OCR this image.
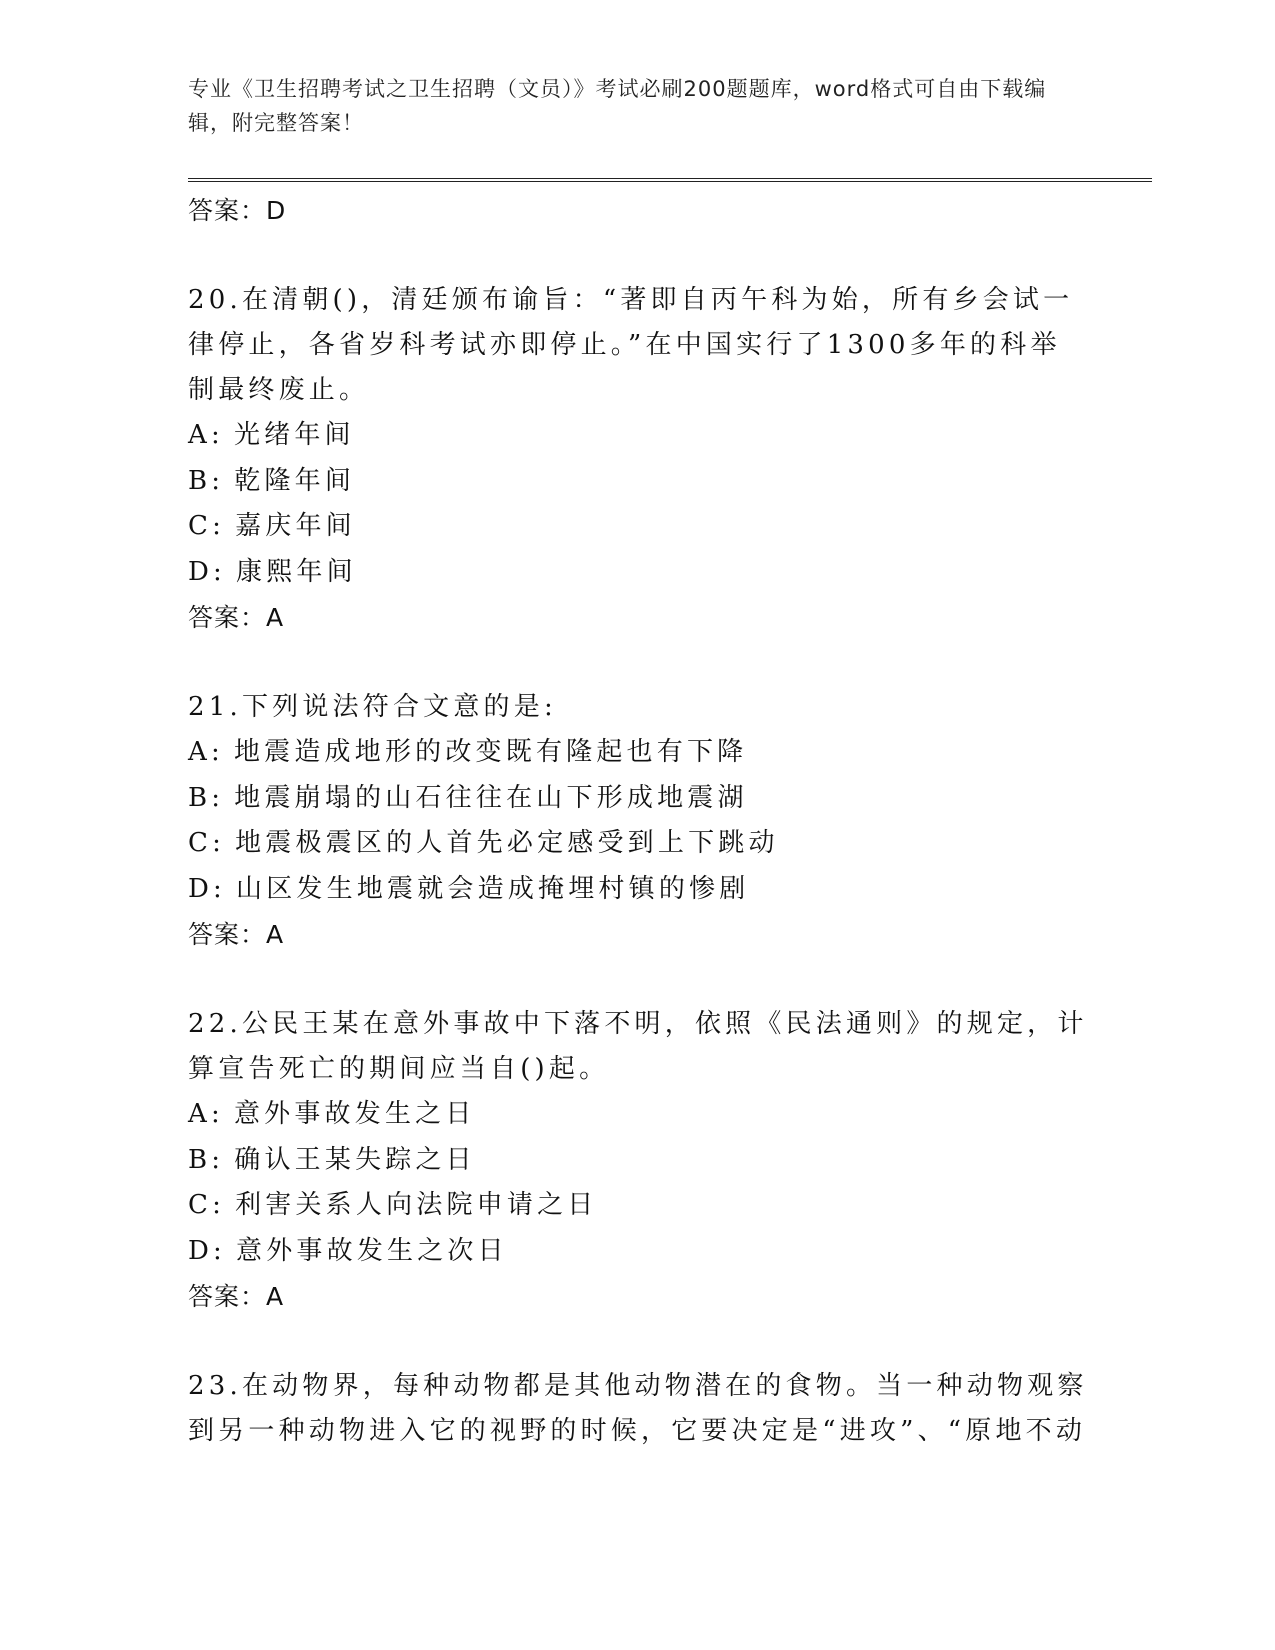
专业《卫生招聘考试之卫生招聘（文员）》考试必刷200题题库，word格式可自由下载编辑，附完整答案！
答案：D

20.在清朝()，清廷颁布谕旨：“著即自丙午科为始，所有乡会试一律停止，各省岁科考试亦即停止。”在中国实行了1300多年的科举制最终废止。

A: 光绪年间
B: 乾隆年间
C: 嘉庆年间
D: 康熙年间
答案：A

21.下列说法符合文意的是:

A: 地震造成地形的改变既有隆起也有下降
B: 地震崩塌的山石往往在山下形成地震湖
C: 地震极震区的人首先必定感受到上下跳动
D: 山区发生地震就会造成掩埋村镇的惨剧
答案：A

22.公民王某在意外事故中下落不明，依照《民法通则》的规定，计算宣告死亡的期间应当自()起。

A: 意外事故发生之日
B: 确认王某失踪之日
C: 利害关系人向法院申请之日
D: 意外事故发生之次日
答案：A

23.在动物界，每种动物都是其他动物潜在的食物。当一种动物观察到另一种动物进入它的视野的时候，它要决定是“进攻”、“原地不动
